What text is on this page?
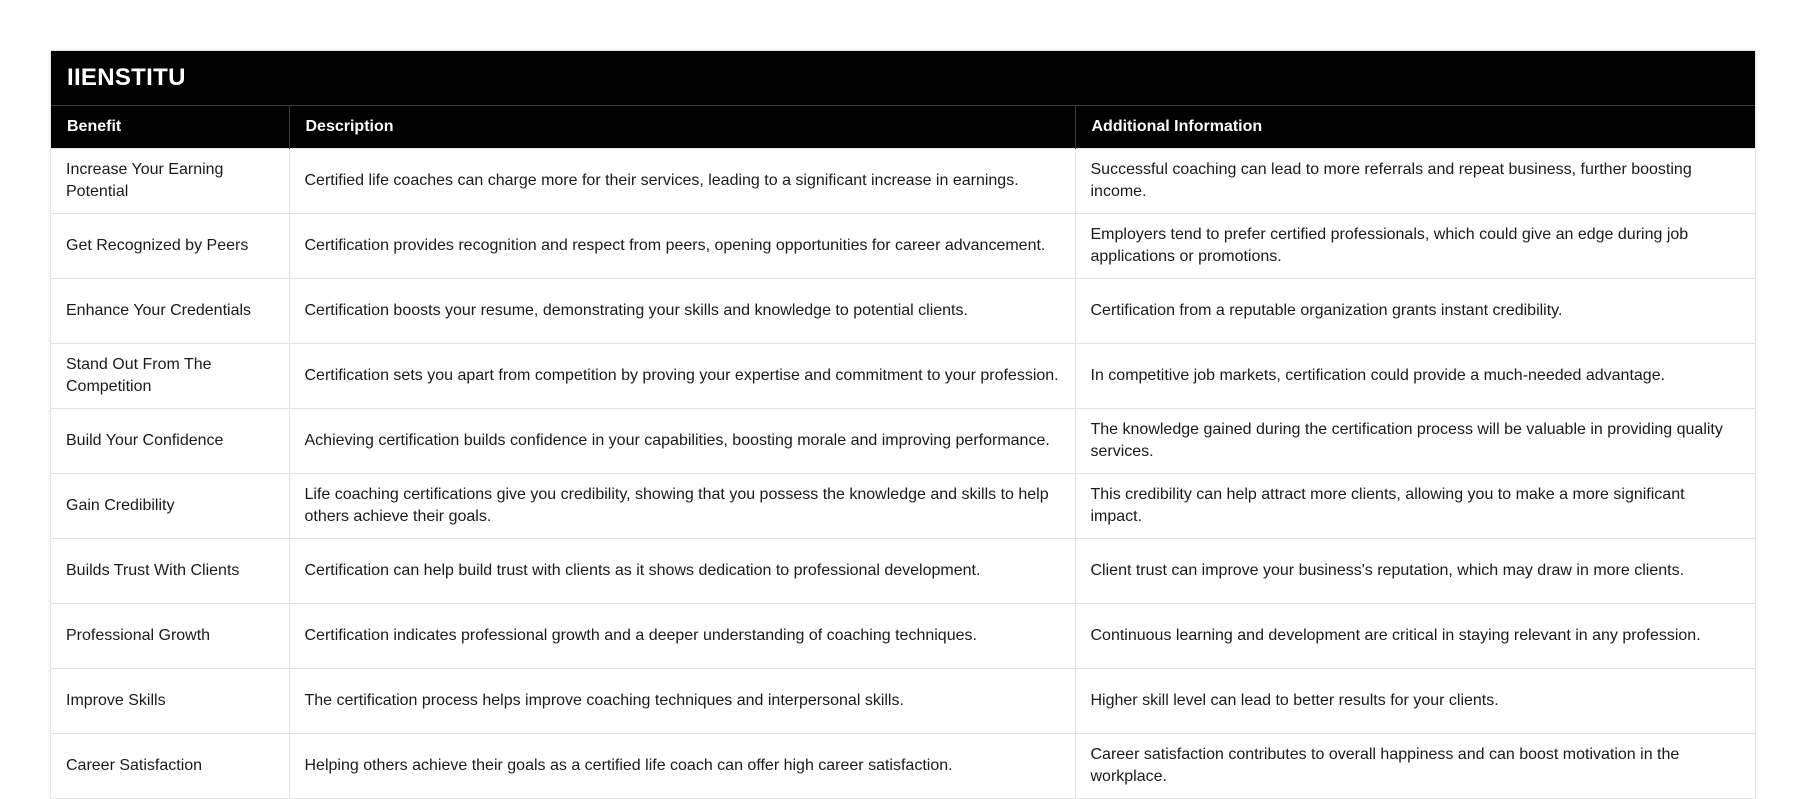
IIENSTITU		
Benefit	Description	Additional Information
Increase Your Earning Potential	Certified life coaches can charge more for their services, leading to a significant increase in earnings.	Successful coaching can lead to more referrals and repeat business, further boosting income.
Get Recognized by Peers	Certification provides recognition and respect from peers, opening opportunities for career advancement.	Employers tend to prefer certified professionals, which could give an edge during job applications or promotions.
Enhance Your Credentials	Certification boosts your resume, demonstrating your skills and knowledge to potential clients.	Certification from a reputable organization grants instant credibility.
Stand Out From The Competition	Certification sets you apart from competition by proving your expertise and commitment to your profession.	In competitive job markets, certification could provide a much-needed advantage.
Build Your Confidence	Achieving certification builds confidence in your capabilities, boosting morale and improving performance.	The knowledge gained during the certification process will be valuable in providing quality services.
Gain Credibility	Life coaching certifications give you credibility, showing that you possess the knowledge and skills to help others achieve their goals.	This credibility can help attract more clients, allowing you to make a more significant impact.
Builds Trust With Clients	Certification can help build trust with clients as it shows dedication to professional development.	Client trust can improve your business's reputation, which may draw in more clients.
Professional Growth	Certification indicates professional growth and a deeper understanding of coaching techniques.	Continuous learning and development are critical in staying relevant in any profession.
Improve Skills	The certification process helps improve coaching techniques and interpersonal skills.	Higher skill level can lead to better results for your clients.
Career Satisfaction	Helping others achieve their goals as a certified life coach can offer high career satisfaction.	Career satisfaction contributes to overall happiness and can boost motivation in the workplace.
